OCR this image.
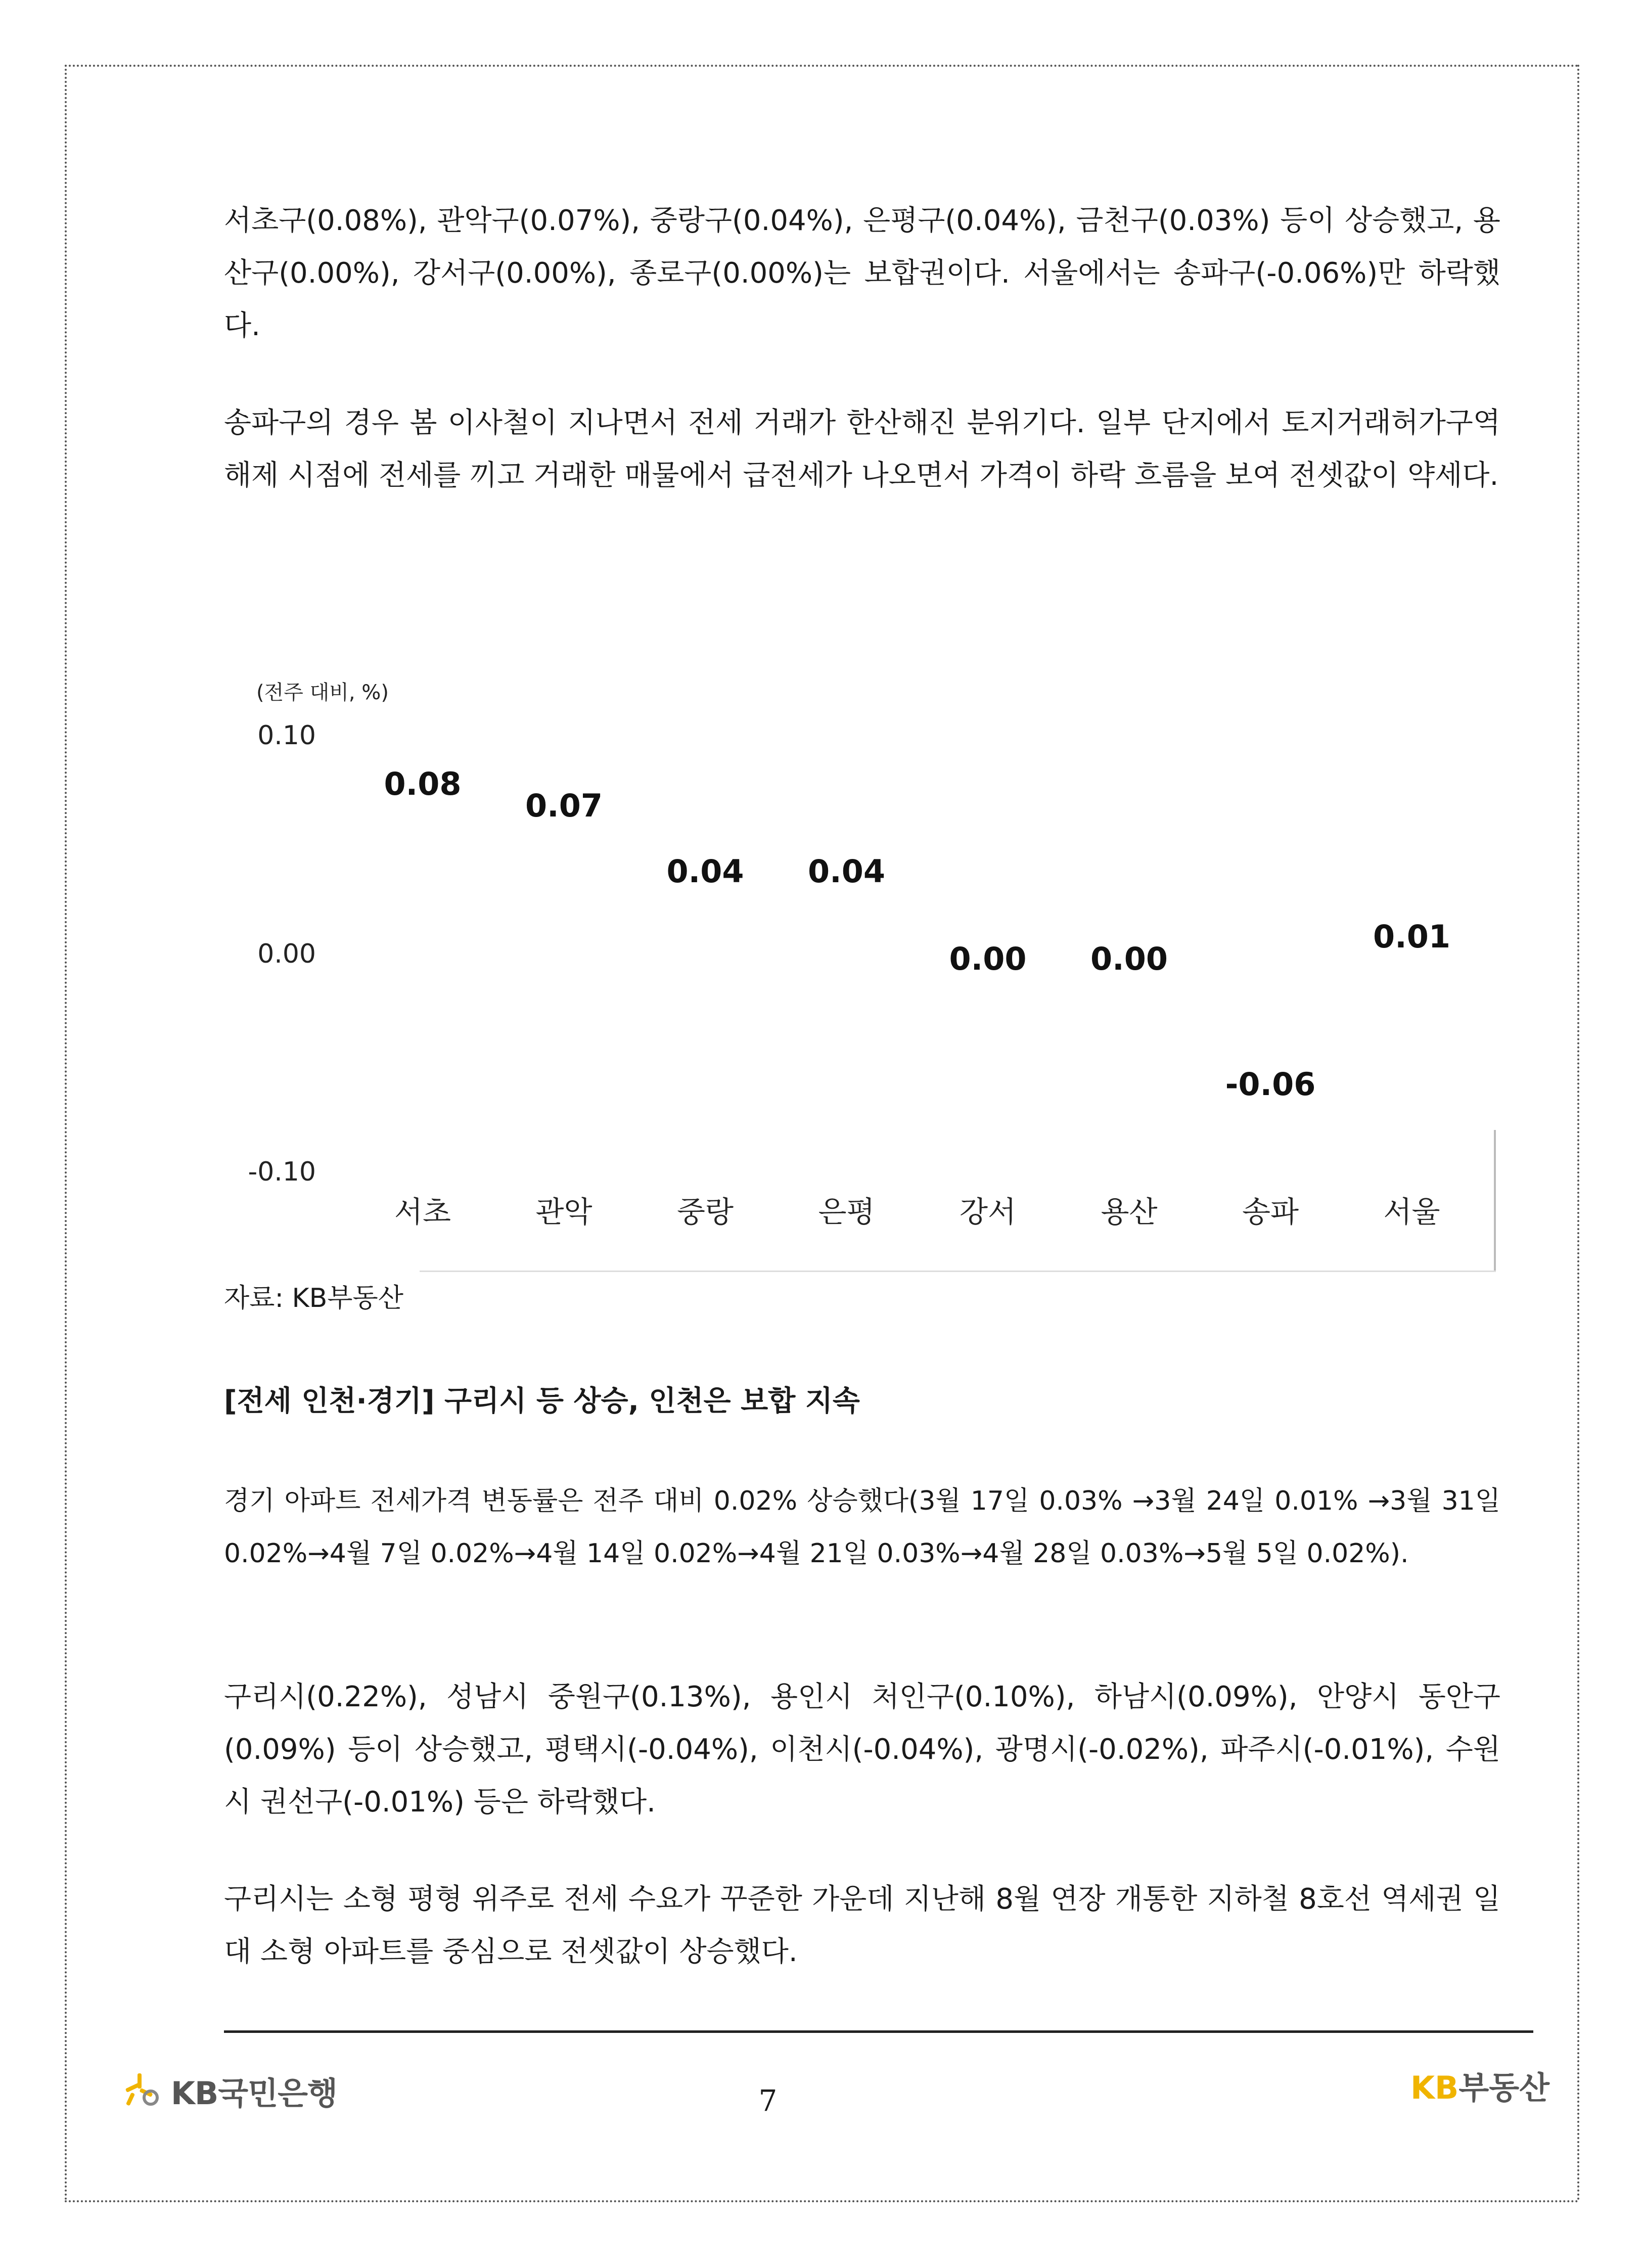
서초구(0.08%), 관악구(0.07%), 중랑구(0.04%), 은평구(0.04%), 금천구(0.03%) 등이 상승했고, 용산구(0.00%), 강서구(0.00%), 종로구(0.00%)는 보합권이다. 서울에서는 송파구(-0.06%)만 하락했다.

송파구의 경우 봄 이사철이 지나면서 전세 거래가 한산해진 분위기다. 일부 단지에서 토지거래허가구역 해제 시점에 전세를 끼고 거래한 매물에서 급전세가 나오면서 가격이 하락 흐름을 보여 전셋값이 약세다.

(전주 대비, %)
0.10
0.00
-0.10
0.08
0.07
0.04	0.04
0.00	0.00
-0.06
0.01
서초	관악	중랑	은평	강서	용산	송파	서울
자료: KB부동산

[전세 인천·경기] 구리시 등 상승, 인천은 보합 지속

경기 아파트 전세가격 변동률은 전주 대비 0.02% 상승했다(3월 17일 0.03% →3월 24일 0.01% →3월 31일 0.02%→4월 7일 0.02%→4월 14일 0.02%→4월 21일 0.03%→4월 28일 0.03%→5월 5일 0.02%).

구리시(0.22%), 성남시 중원구(0.13%), 용인시 처인구(0.10%), 하남시(0.09%), 안양시 동안구(0.09%) 등이 상승했고, 평택시(-0.04%), 이천시(-0.04%), 광명시(-0.02%), 파주시(-0.01%), 수원시 권선구(-0.01%) 등은 하락했다.

구리시는 소형 평형 위주로 전세 수요가 꾸준한 가운데 지난해 8월 연장 개통한 지하철 8호선 역세권 일대 소형 아파트를 중심으로 전셋값이 상승했다.

KB국민은행	7	KB부동산
